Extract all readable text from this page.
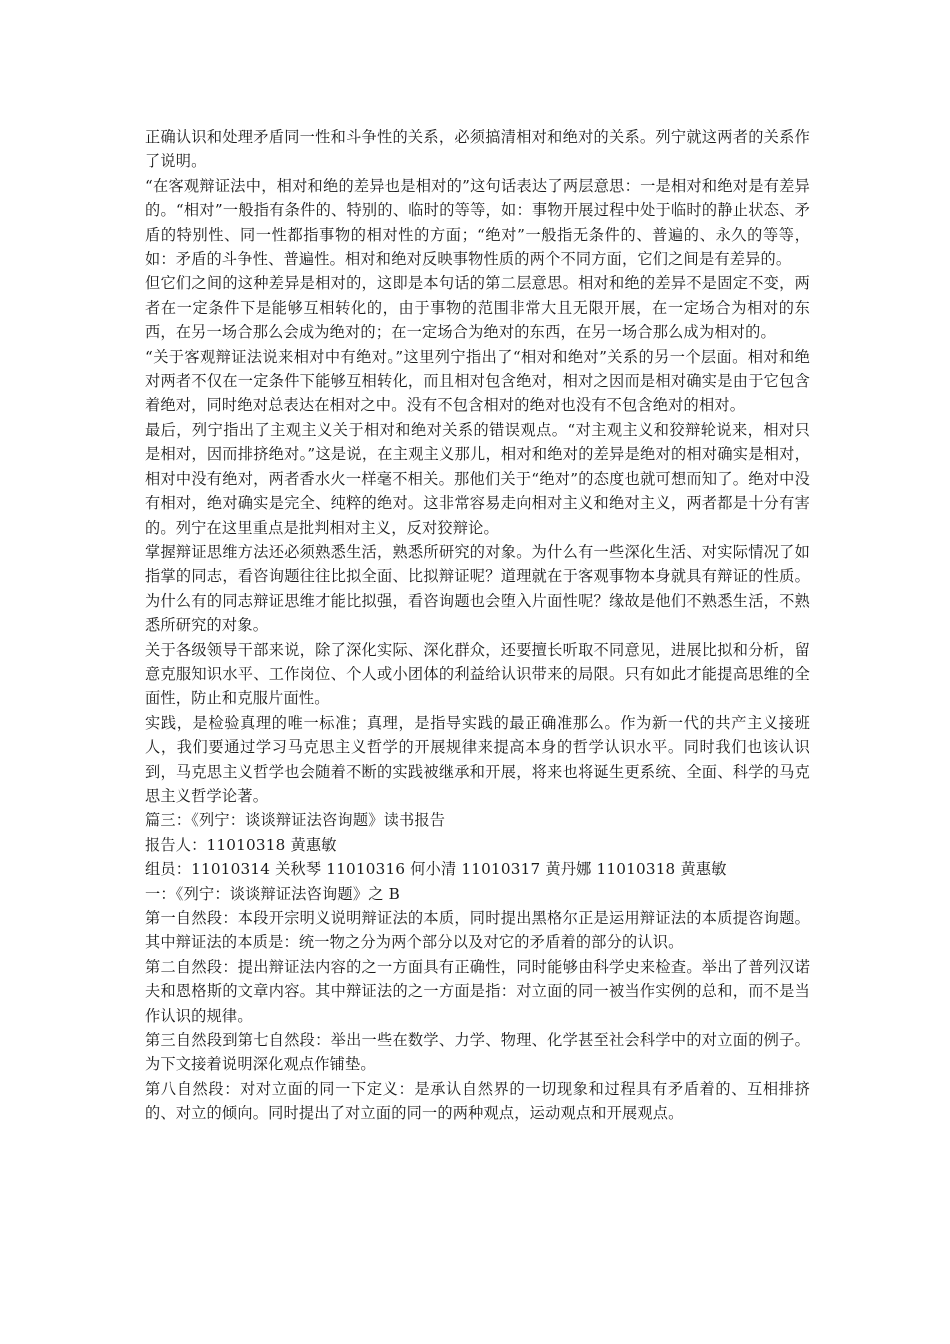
正确认识和处理矛盾同一性和斗争性的关系，必须搞清相对和绝对的关系。列宁就这两者的关系作了说明。

“在客观辩证法中，相对和绝的差异也是相对的”这句话表达了两层意思：一是相对和绝对是有差异的。“相对”一般指有条件的、特别的、临时的等等，如：事物开展过程中处于临时的静止状态、矛盾的特别性、同一性都指事物的相对性的方面；“绝对”一般指无条件的、普遍的、永久的等等，如：矛盾的斗争性、普遍性。相对和绝对反映事物性质的两个不同方面，它们之间是有差异的。

但它们之间的这种差异是相对的，这即是本句话的第二层意思。相对和绝的差异不是固定不变，两者在一定条件下是能够互相转化的，由于事物的范围非常大且无限开展，在一定场合为相对的东西，在另一场合那么会成为绝对的；在一定场合为绝对的东西，在另一场合那么成为相对的。

“关于客观辩证法说来相对中有绝对。”这里列宁指出了“相对和绝对”关系的另一个层面。相对和绝对两者不仅在一定条件下能够互相转化，而且相对包含绝对，相对之因而是相对确实是由于它包含着绝对，同时绝对总表达在相对之中。没有不包含相对的绝对也没有不包含绝对的相对。

最后，列宁指出了主观主义关于相对和绝对关系的错误观点。“对主观主义和狡辩轮说来，相对只是相对，因而排挤绝对。”这是说，在主观主义那儿，相对和绝对的差异是绝对的相对确实是相对，相对中没有绝对，两者香水火一样毫不相关。那他们关于“绝对”的态度也就可想而知了。绝对中没有相对，绝对确实是完全、纯粹的绝对。这非常容易走向相对主义和绝对主义，两者都是十分有害的。列宁在这里重点是批判相对主义，反对狡辩论。

掌握辩证思维方法还必须熟悉生活，熟悉所研究的对象。为什么有一些深化生活、对实际情况了如指掌的同志，看咨询题往往比拟全面、比拟辩证呢？道理就在于客观事物本身就具有辩证的性质。为什么有的同志辩证思维才能比拟强，看咨询题也会堕入片面性呢？缘故是他们不熟悉生活，不熟悉所研究的对象。

关于各级领导干部来说，除了深化实际、深化群众，还要擅长听取不同意见，进展比拟和分析，留意克服知识水平、工作岗位、个人或小团体的利益给认识带来的局限。只有如此才能提高思维的全面性，防止和克服片面性。

实践，是检验真理的唯一标准；真理，是指导实践的最正确准那么。作为新一代的共产主义接班人，我们要通过学习马克思主义哲学的开展规律来提高本身的哲学认识水平。同时我们也该认识到，马克思主义哲学也会随着不断的实践被继承和开展，将来也将诞生更系统、全面、科学的马克思主义哲学论著。

篇三：《列宁：谈谈辩证法咨询题》读书报告

报告人：11010318 黄惠敏

组员：11010314 关秋琴 11010316 何小清 11010317 黄丹娜 11010318 黄惠敏

一：《列宁：谈谈辩证法咨询题》之 B

第一自然段：本段开宗明义说明辩证法的本质，同时提出黑格尔正是运用辩证法的本质提咨询题。其中辩证法的本质是：统一物之分为两个部分以及对它的矛盾着的部分的认识。

第二自然段：提出辩证法内容的之一方面具有正确性，同时能够由科学史来检查。举出了普列汉诺夫和恩格斯的文章内容。其中辩证法的之一方面是指：对立面的同一被当作实例的总和，而不是当作认识的规律。

第三自然段到第七自然段：举出一些在数学、力学、物理、化学甚至社会科学中的对立面的例子。为下文接着说明深化观点作铺垫。

第八自然段：对对立面的同一下定义：是承认自然界的一切现象和过程具有矛盾着的、互相排挤的、对立的倾向。同时提出了对立面的同一的两种观点，运动观点和开展观点。
